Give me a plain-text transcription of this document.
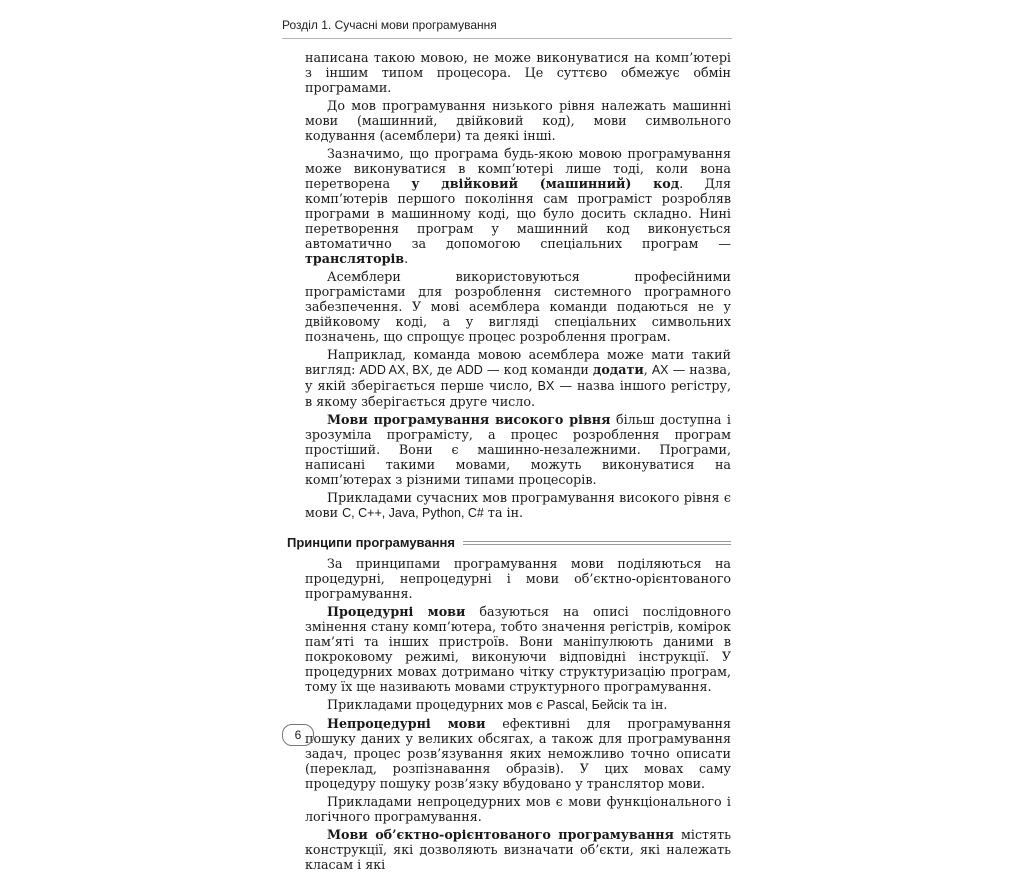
Розділ 1. Сучасні мови програмування

написана такою мовою, не може виконуватися на комп’ютері з іншим типом процесора. Це суттєво обмежує обмін програмами.

До мов програмування низького рівня належать машинні мови (машинний, двійковий код), мови символьного кодування (асемблери) та деякі інші.

Зазначимо, що програма будь-якою мовою програмування може виконуватися в комп’ютері лише тоді, коли вона перетворена у двійковий (машинний) код. Для комп’ютерів першого покоління сам програміст розробляв програми в машинному коді, що було досить складно. Нині перетворення програм у машинний код виконується автоматично за допомогою спеціальних програм — трансляторів.

Асемблери використовуються професійними програмістами для розроблення системного програмного забезпечення. У мові асемблера команди подаються не у двійковому коді, а у вигляді спеціальних символьних позначень, що спрощує процес розроблення програм.

Наприклад, команда мовою асемблера може мати такий вигляд: ADD AX, BX, де ADD — код команди додати, AX — назва, у якій зберігається перше число, BX — назва іншого регістру, в якому зберігається друге число.

Мови програмування високого рівня більш доступна і зрозуміла програмісту, а процес розроблення програм простіший. Вони є машинно-незалежними. Програми, написані такими мовами, можуть виконуватися на комп’ютерах з різними типами процесорів.

Прикладами сучасних мов програмування високого рівня є мови C, C++, Java, Python, C# та ін.

Принципи програмування

За принципами програмування мови поділяються на процедурні, непроцедурні і мови об’єктно-орієнтованого програмування.

Процедурні мови базуються на описі послідовного змінення стану комп’ютера, тобто значення регістрів, комірок пам’яті та інших пристроїв. Вони маніпулюють даними в покроковому режимі, виконуючи відповідні інструкції. У процедурних мовах дотримано чітку структуризацію програм, тому їх ще називають мовами структурного програмування.

Прикладами процедурних мов є Pascal, Бейсік та ін.

Непроцедурні мови ефективні для програмування пошуку даних у великих обсягах, а також для програмування задач, процес розв’язування яких неможливо точно описати (переклад, розпізнавання образів). У цих мовах саму процедуру пошуку розв’язку вбудовано у транслятор мови.

Прикладами непроцедурних мов є мови функціонального і логічного програмування.

Мови об’єктно-орієнтованого програмування містять конструкції, які дозволяють визначати об’єкти, які належать класам і які

6
